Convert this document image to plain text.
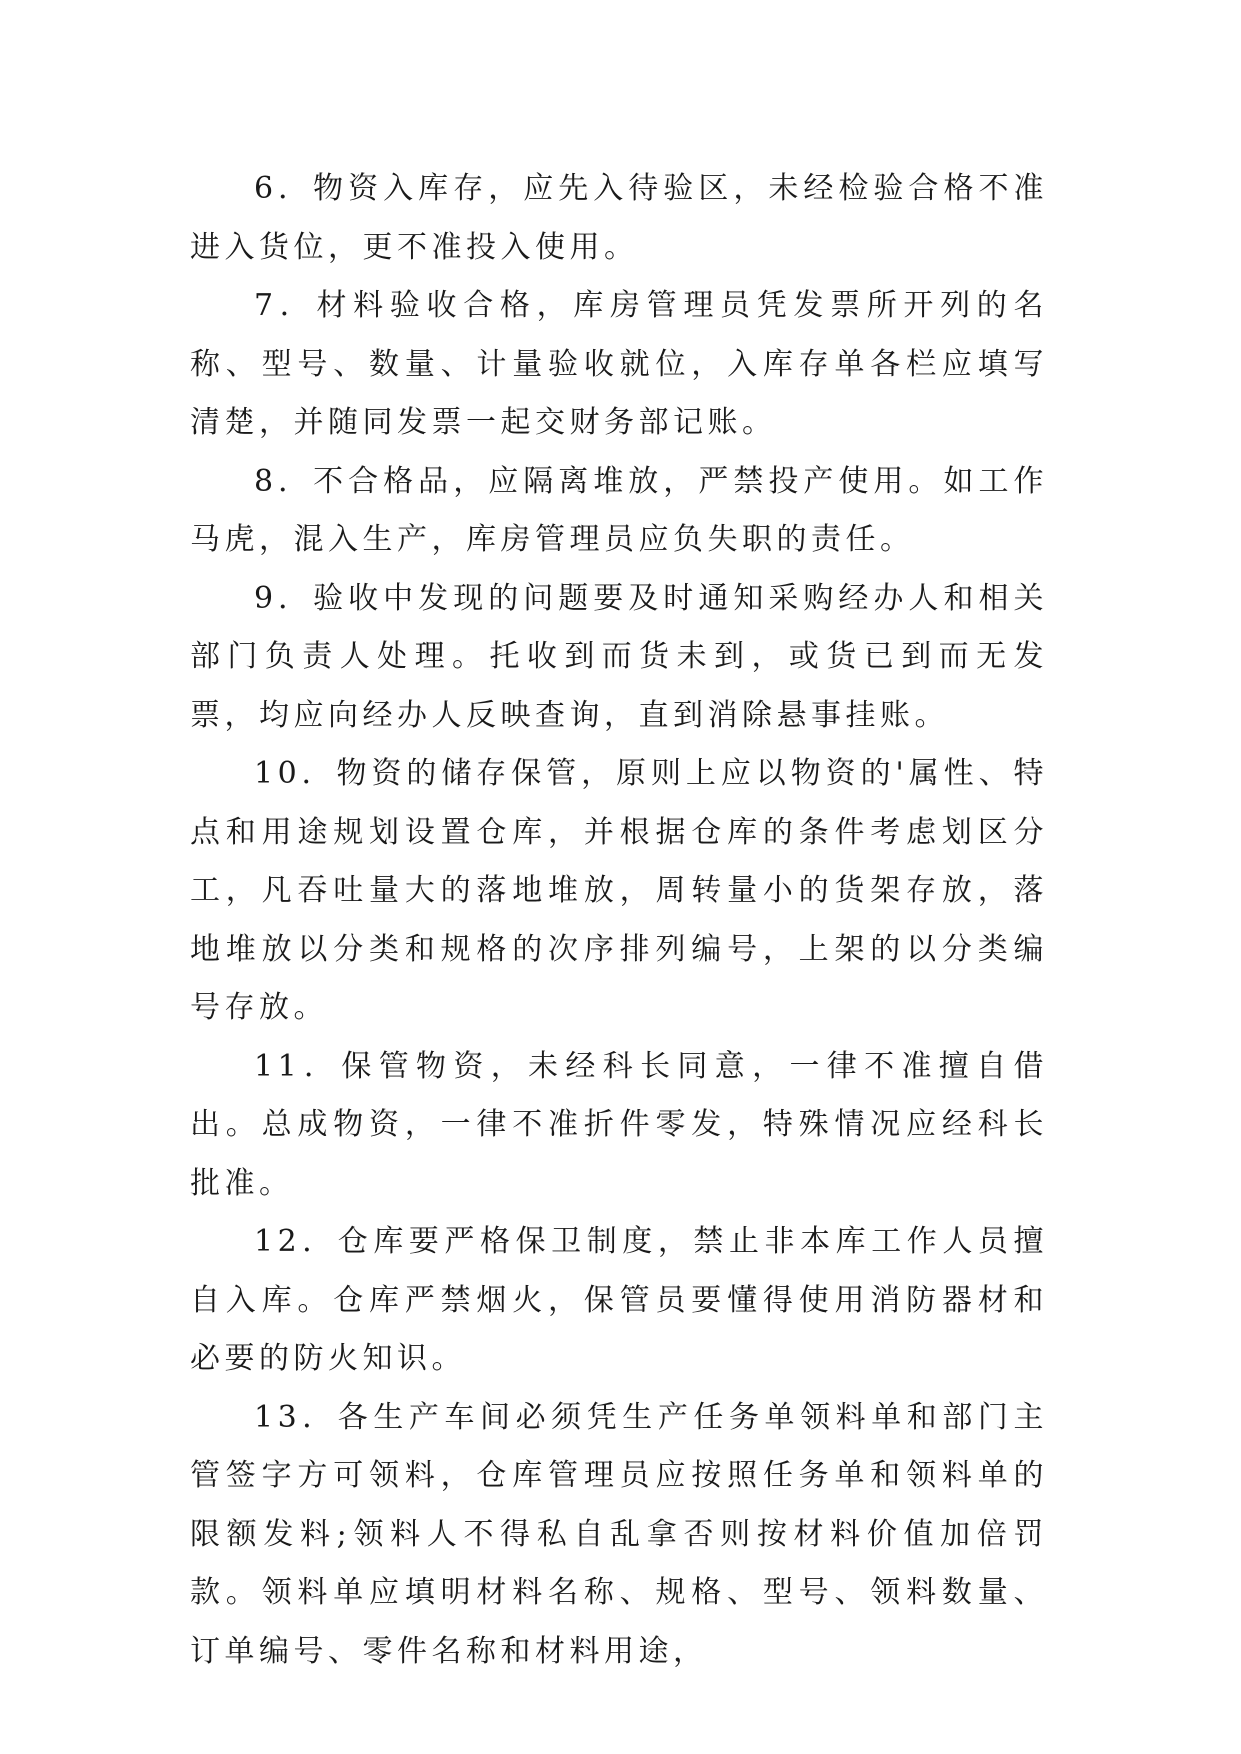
6．物资入库存，应先入待验区，未经检验合格不准进入货位，更不准投入使用。

7．材料验收合格，库房管理员凭发票所开列的名称、型号、数量、计量验收就位，入库存单各栏应填写清楚，并随同发票一起交财务部记账。

8．不合格品，应隔离堆放，严禁投产使用。如工作马虎，混入生产，库房管理员应负失职的责任。

9．验收中发现的问题要及时通知采购经办人和相关部门负责人处理。托收到而货未到，或货已到而无发票，均应向经办人反映查询，直到消除悬事挂账。

10．物资的储存保管，原则上应以物资的'属性、特点和用途规划设置仓库，并根据仓库的条件考虑划区分工，凡吞吐量大的落地堆放，周转量小的货架存放，落地堆放以分类和规格的次序排列编号，上架的以分类编号存放。

11．保管物资，未经科长同意，一律不准擅自借出。总成物资，一律不准折件零发，特殊情况应经科长批准。

12．仓库要严格保卫制度，禁止非本库工作人员擅自入库。仓库严禁烟火，保管员要懂得使用消防器材和必要的防火知识。

13．各生产车间必须凭生产任务单领料单和部门主管签字方可领料，仓库管理员应按照任务单和领料单的限额发料;领料人不得私自乱拿否则按材料价值加倍罚款。领料单应填明材料名称、规格、型号、领料数量、订单编号、零件名称和材料用途，
